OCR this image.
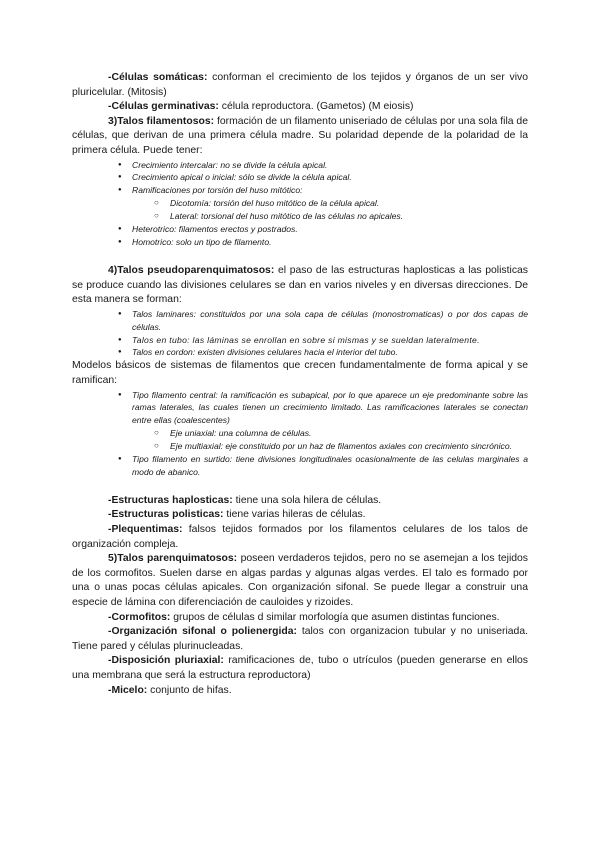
-Células somáticas: conforman el crecimiento de los tejidos y órganos de un ser vivo pluricelular. (Mitosis)

-Células germinativas: célula reproductora. (Gametos) (M eiosis)

3)Talos filamentosos: formación de un filamento uniseriado de células por una sola fila de células, que derivan de una primera célula madre. Su polaridad depende de la polaridad de la primera célula. Puede tener:

● Crecimiento intercalar: no se divide la célula apical.
● Crecimiento apical o inicial: sólo se divide la célula apical.
● Ramificaciones por torsión del huso mitótico:
○ Dicotomía: torsión del huso mitótico de la célula apical.
○ Lateral: torsional del huso mitótico de las células no apicales.
● Heterotrico: filamentos erectos y postrados.
● Homotrico: solo un tipo de filamento.

4)Talos pseudoparenquimatosos: el paso de las estructuras haplosticas a las polisticas se produce cuando las divisiones celulares se dan en varios niveles y en diversas direcciones. De esta manera se forman:

● Talos laminares: constituidos por una sola capa de células (monostromaticas) o por dos capas de células.
● Talos en tubo: las láminas se enrollan en sobre si mismas y se sueldan lateralmente.
● Talos en cordon: existen divisiones celulares hacia el interior del tubo.

Modelos básicos de sistemas de filamentos que crecen fundamentalmente de forma apical y se ramifican:

● Tipo filamento central: la ramificación es subapical, por lo que aparece un eje predominante sobre las ramas laterales, las cuales tienen un crecimiento limitado. Las ramificaciones laterales se conectan entre ellas (coalescentes)
○ Eje uniaxial: una columna de células.
○ Eje multiaxial: eje constituido por un haz de filamentos axiales con crecimiento sincrónico.
● Tipo filamento en surtido: tiene divisiones longitudinales ocasionalmente de las celulas marginales a modo de abanico.

-Estructuras haplosticas: tiene una sola hilera de células.

-Estructuras polisticas: tiene varias hileras de células.

-Plequentimas: falsos tejidos formados por los filamentos celulares de los talos de organización compleja.

5)Talos parenquimatosos: poseen verdaderos tejidos, pero no se asemejan a los tejidos de los cormofitos. Suelen darse en algas pardas y algunas algas verdes. El talo es formado por una o unas pocas células apicales. Con organización sifonal. Se puede llegar a construir una especie de lámina con diferenciación de cauloides y rizoides.

-Cormofitos: grupos de células d similar morfología que asumen distintas funciones.

-Organización sifonal o polienergida: talos con organizacion tubular y no uniseriada. Tiene pared y células plurinucleadas.

-Disposición pluriaxial: ramificaciones de, tubo o utrículos (pueden generarse en ellos una membrana que será la estructura reproductora)

-Micelo: conjunto de hifas.
